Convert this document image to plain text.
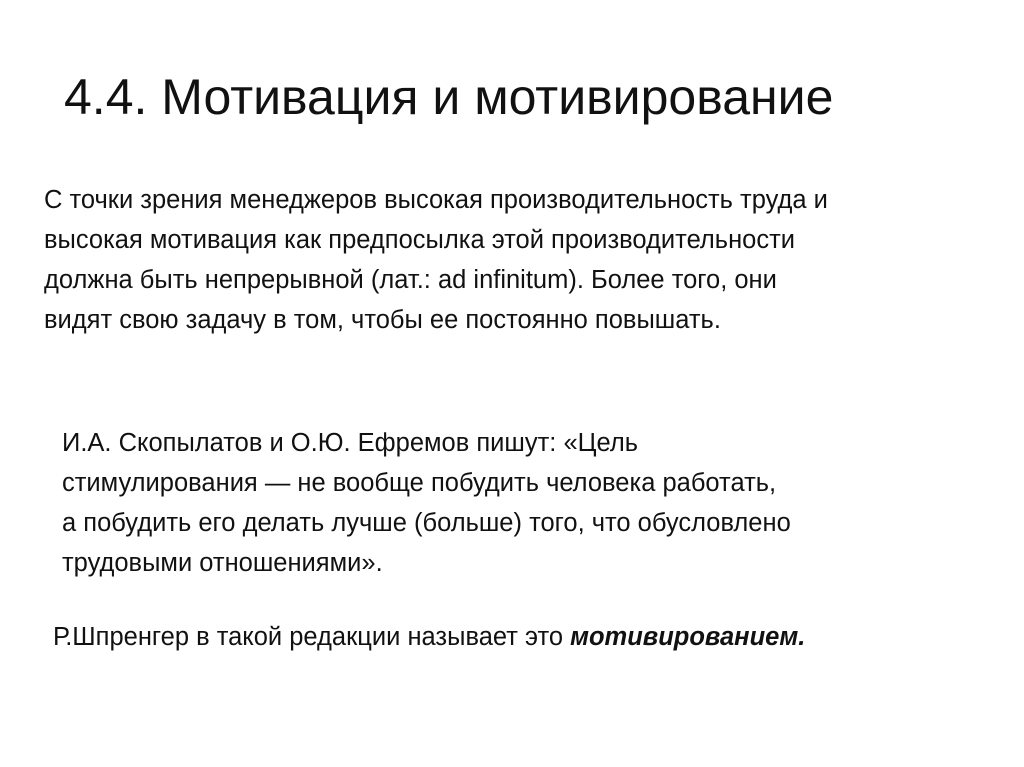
4.4. Мотивация и мотивирование

С точки зрения менеджеров высокая производительность труда и
высокая мотивация как предпосылка этой производительности
должна быть непрерывной (лат.: ad infinitum). Более того, они
видят свою задачу в том, чтобы ее постоянно повышать.

И.А. Скопылатов и О.Ю. Ефремов пишут: «Цель
стимулирования — не вообще побудить человека работать,
а побудить его делать лучше (больше) того, что обусловлено
трудовыми отношениями».

Р.Шпренгер в такой редакции называет это мотивированием.
